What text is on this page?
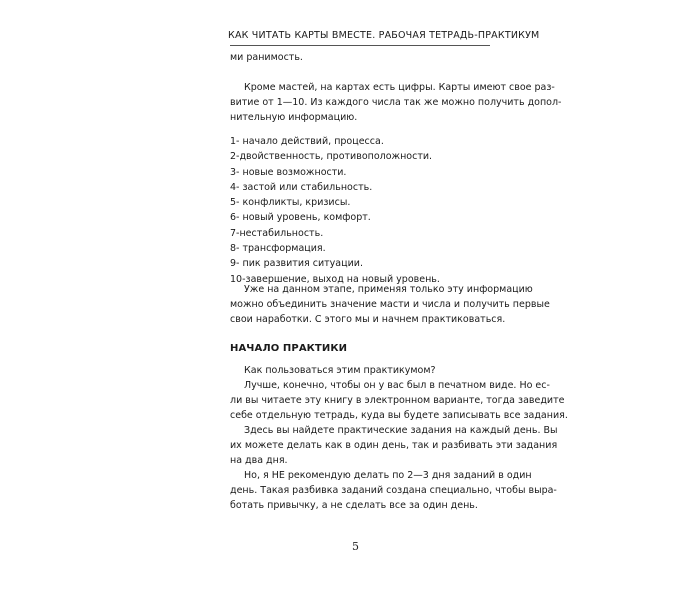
КАК ЧИТАТЬ КАРТЫ ВМЕСТЕ. РАБОЧАЯ ТЕТРАДЬ-ПРАКТИКУМ
ми ранимость.
Кроме мастей, на картах есть цифры. Карты имеют свое раз-
витие от 1—10. Из каждого числа так же можно получить допол-
нительную информацию.
1- начало действий, процесса.
2-двойственность, противоположности.
3- новые возможности.
4- застой или стабильность.
5- конфликты, кризисы.
6- новый уровень, комфорт.
7-нестабильность.
8- трансформация.
9- пик развития ситуации.
10-завершение, выход на новый уровень.
Уже на данном этапе, применяя только эту информацию
можно объединить значение масти и числа и получить первые
свои наработки. С этого мы и начнем практиковаться.
НАЧАЛО ПРАКТИКИ
Как пользоваться этим практикумом?
Лучше, конечно, чтобы он у вас был в печатном виде. Но ес-
ли вы читаете эту книгу в электронном варианте, тогда заведите
себе отдельную тетрадь, куда вы будете записывать все задания.
Здесь вы найдете практические задания на каждый день. Вы
их можете делать как в один день, так и разбивать эти задания
на два дня.
Но, я НЕ рекомендую делать по 2—3 дня заданий в один
день. Такая разбивка заданий создана специально, чтобы выра-
ботать привычку, а не сделать все за один день.
5
